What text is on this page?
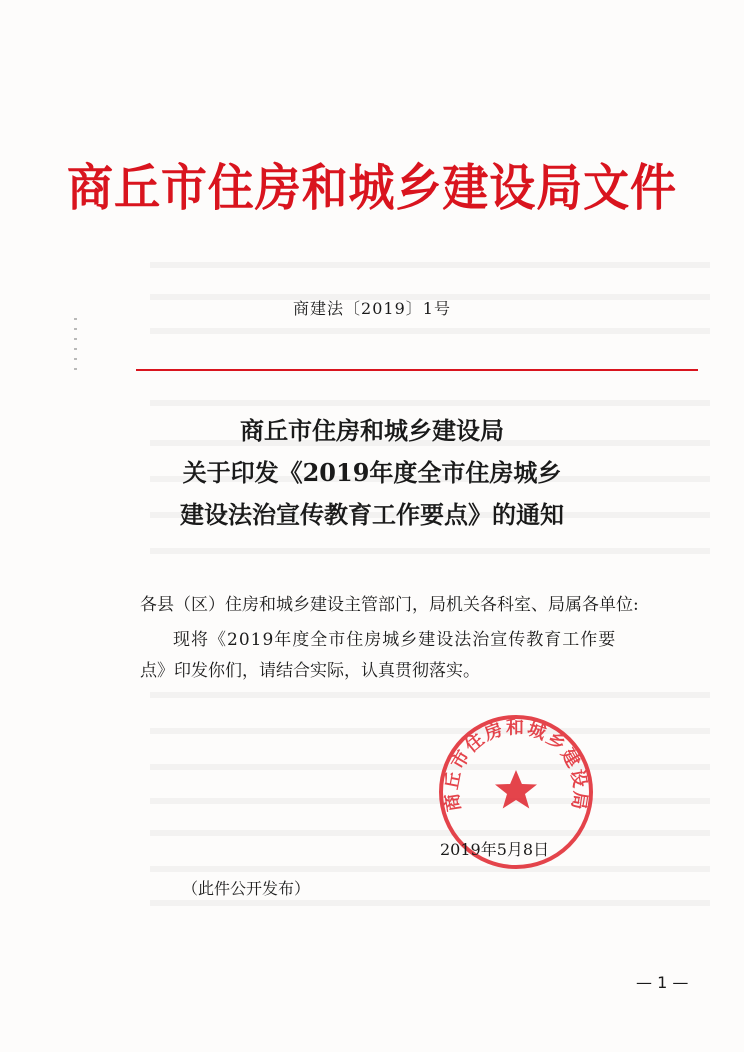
商丘市住房和城乡建设局文件
商建法〔2019〕1号
商丘市住房和城乡建设局
关于印发《2019年度全市住房城乡
建设法治宣传教育工作要点》的通知
各县（区）住房和城乡建设主管部门，局机关各科室、局属各单位:
现将《2019年度全市住房城乡建设法治宣传教育工作要
点》印发你们，请结合实际，认真贯彻落实。
商丘市住房和城乡建设局
2019年5月8日
（此件公开发布）
— 1 —
